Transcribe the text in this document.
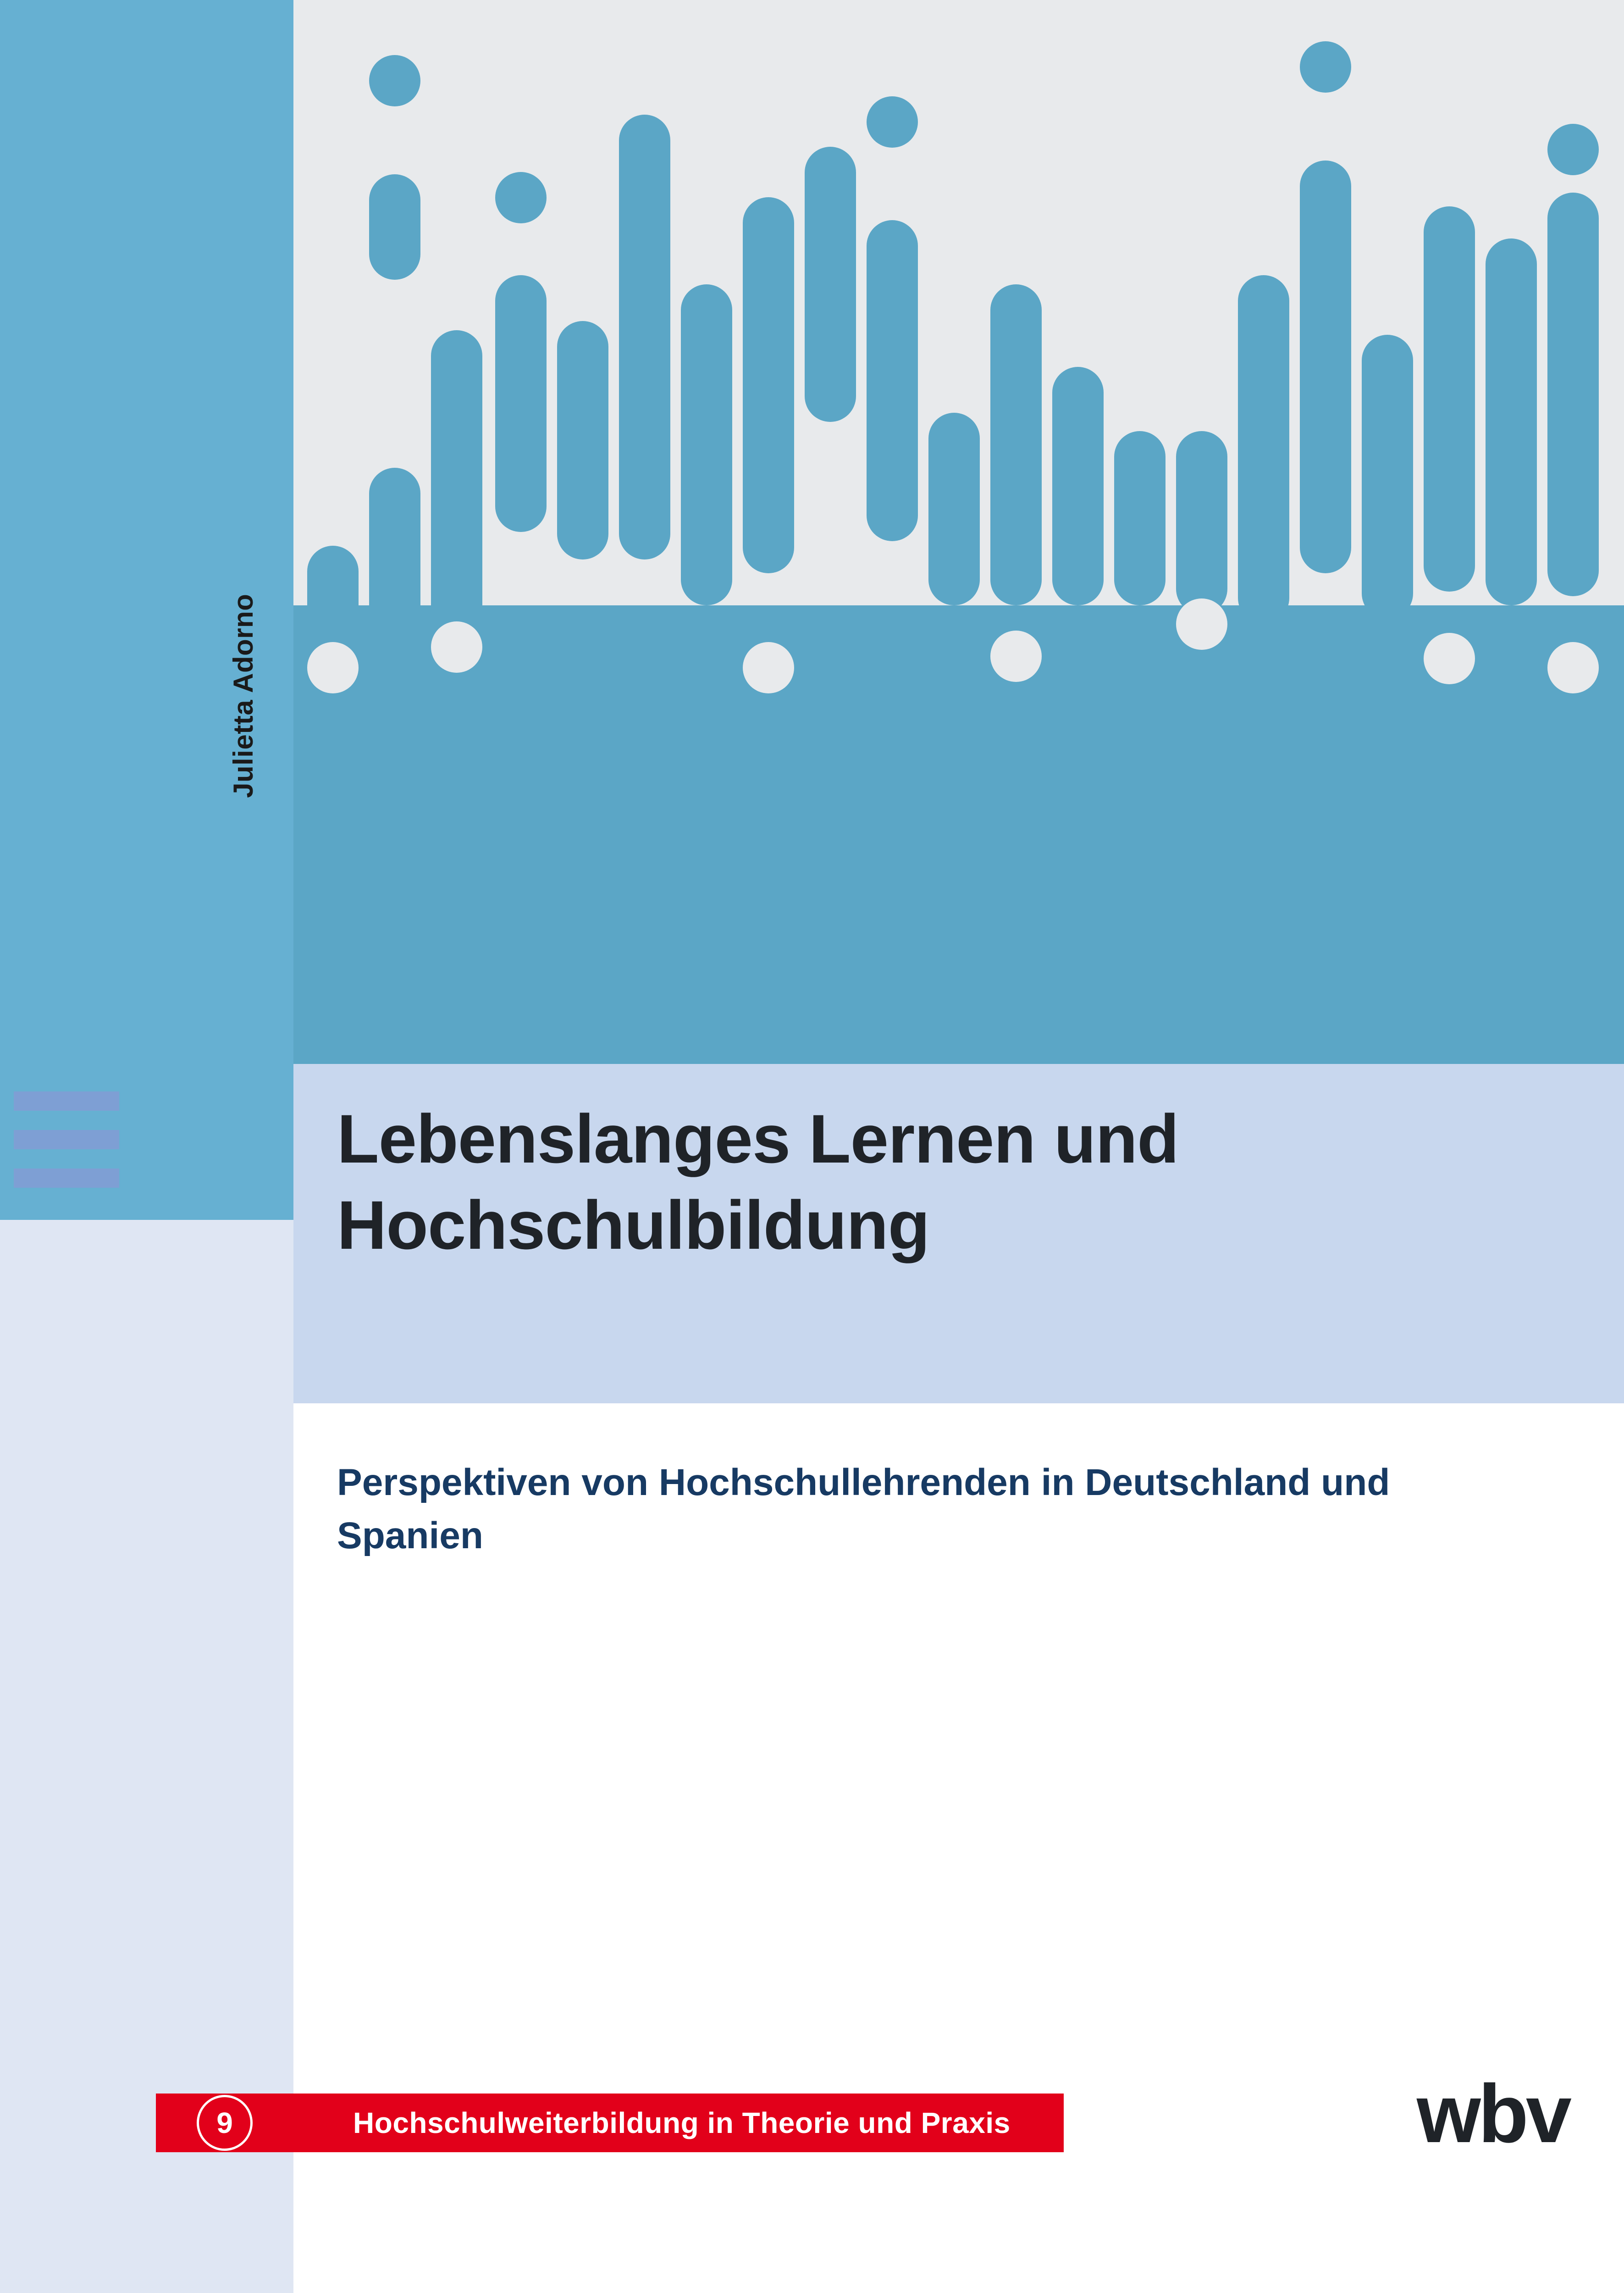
Julietta Adorno
Lebenslanges Lernen und Hochschulbildung
Perspektiven von Hochschullehrenden in Deutschland und Spanien
Hochschulweiterbildung in Theorie und Praxis
9	wbv
